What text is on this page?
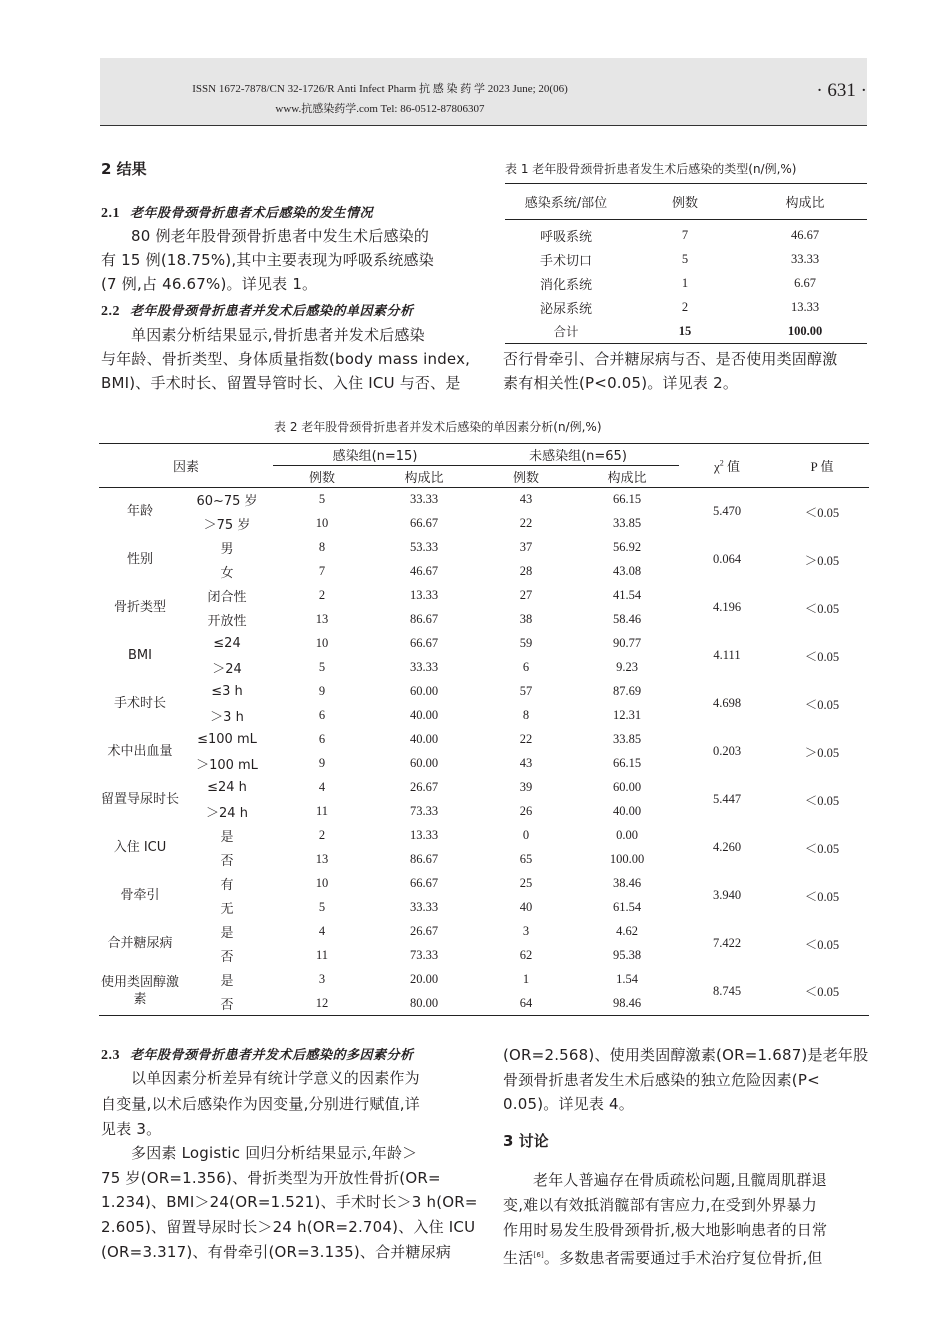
ISSN 1672-7878/CN 32-1726/R Anti Infect Pharm 抗 感 染 药 学 2023 June; 20(06)
www.抗感染药学.com Tel: 86-0512-87806307
· 631 ·
2 结果
2.1 老年股骨颈骨折患者术后感染的发生情况
80 例老年股骨颈骨折患者中发生术后感染的
有 15 例(18.75%),其中主要表现为呼吸系统感染
(7 例,占 46.67%)。详见表 1。
2.2 老年股骨颈骨折患者并发术后感染的单因素分析
单因素分析结果显示,骨折患者并发术后感染
与年龄、骨折类型、身体质量指数(body mass index,
BMI)、手术时长、留置导管时长、入住 ICU 与否、是
否行骨牵引、合并糖尿病与否、是否使用类固醇激
素有相关性(P<0.05)。详见表 2。
表 1 老年股骨颈骨折患者发生术后感染的类型(n/例,%)
感染系统/部位	例数	构成比
呼吸系统	7	46.67
手术切口	5	33.33
消化系统	1	6.67
泌尿系统	2	13.33
合计	15	100.00
表 2 老年股骨颈骨折患者并发术后感染的单因素分析(n/例,%)
因素		感染组(n=15)		未感染组(n=65)		$\chi^2$ 值	P 值
		例数	构成比	例数	构成比		
年龄	60~75 岁	5	33.33	43	66.15	5.470	＜0.05
	＞75 岁	10	66.67	22	33.85		
性别	男	8	53.33	37	56.92	0.064	＞0.05
	女	7	46.67	28	43.08		
骨折类型	闭合性	2	13.33	27	41.54	4.196	＜0.05
	开放性	13	86.67	38	58.46		
BMI	≤24	10	66.67	59	90.77	4.111	＜0.05
	＞24	5	33.33	6	9.23		
手术时长	≤3 h	9	60.00	57	87.69	4.698	＜0.05
	＞3 h	6	40.00	8	12.31		
术中出血量	≤100 mL	6	40.00	22	33.85	0.203	＞0.05
	＞100 mL	9	60.00	43	66.15		
留置导尿时长	≤24 h	4	26.67	39	60.00	5.447	＜0.05
	＞24 h	11	73.33	26	40.00		
入住 ICU	是	2	13.33	0	0.00	4.260	＜0.05
	否	13	86.67	65	100.00		
骨牵引	有	10	66.67	25	38.46	3.940	＜0.05
	无	5	33.33	40	61.54		
合并糖尿病	是	4	26.67	3	4.62	7.422	＜0.05
	否	11	73.33	62	95.38		
使用类固醇激素	是	3	20.00	1	1.54	8.745	＜0.05
	否	12	80.00	64	98.46		
2.3 老年股骨颈骨折患者并发术后感染的多因素分析
以单因素分析差异有统计学意义的因素作为
自变量,以术后感染作为因变量,分别进行赋值,详
见表 3。
多因素 Logistic 回归分析结果显示,年龄＞
75 岁(OR=1.356)、骨折类型为开放性骨折(OR=
1.234)、BMI＞24(OR=1.521)、手术时长＞3 h(OR=
2.605)、留置导尿时长＞24 h(OR=2.704)、入住 ICU
(OR=3.317)、有骨牵引(OR=3.135)、合并糖尿病
(OR=2.568)、使用类固醇激素(OR=1.687)是老年股
骨颈骨折患者发生术后感染的独立危险因素(P<
0.05)。详见表 4。
3 讨论
老年人普遍存在骨质疏松问题,且髋周肌群退
变,难以有效抵消髋部有害应力,在受到外界暴力
作用时易发生股骨颈骨折,极大地影响患者的日常
生活[6]。多数患者需要通过手术治疗复位骨折,但
